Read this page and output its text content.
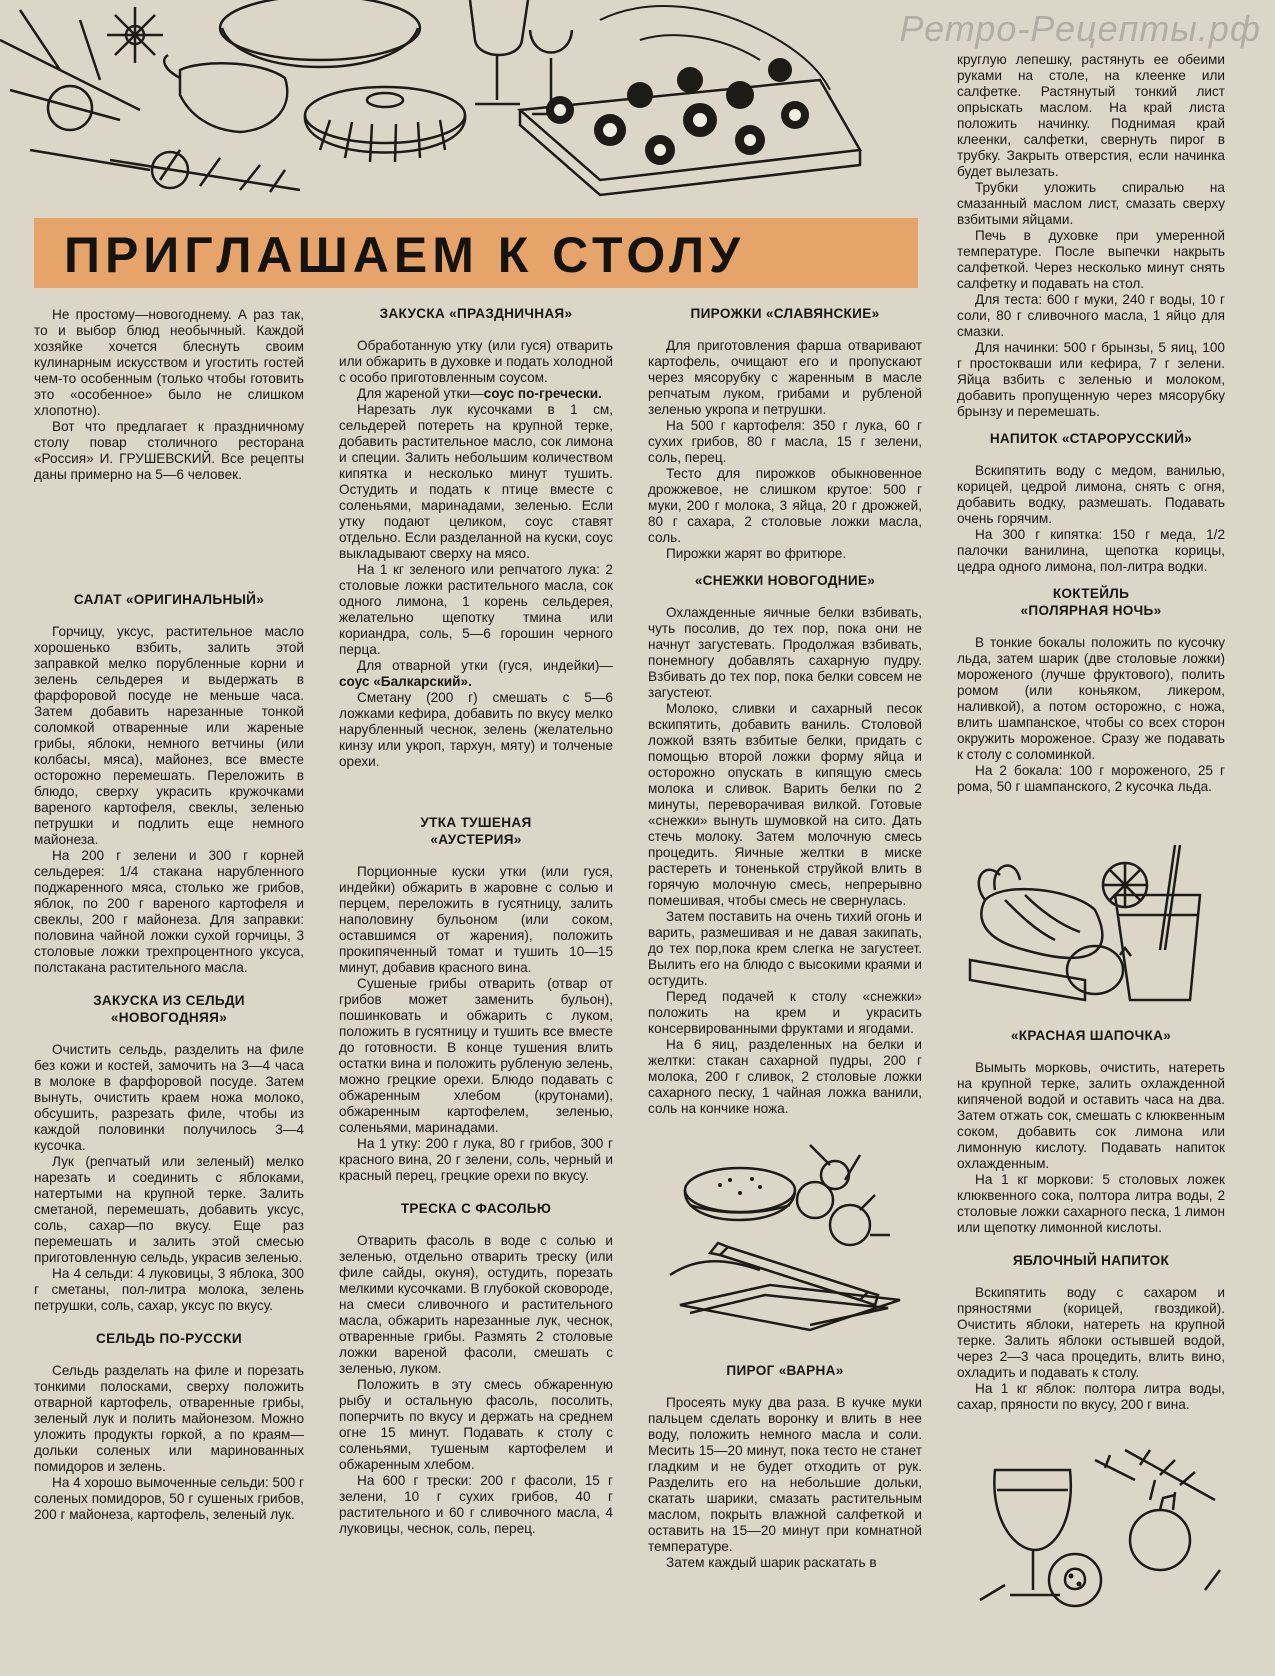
Ретро-Рецепты.рф
ПРИГЛАШАЕМ К СТОЛУ

Не простому—новогоднему. А раз так, то и выбор блюд необычный. Каждой хозяйке хочется блеснуть своим кулинарным искусством и угостить гостей чем-то особенным (только чтобы готовить это «особенное» было не слишком хлопотно).

Вот что предлагает к праздничному столу повар столичного ресторана «Россия» И. ГРУШЕВСКИЙ. Все рецепты даны примерно на 5—6 человек.

САЛАТ «ОРИГИНАЛЬНЫЙ»

Горчицу, уксус, растительное масло хорошенько взбить, залить этой заправкой мелко порубленные корни и зелень сельдерея и выдержать в фарфоровой посуде не меньше часа. Затем добавить нарезанные тонкой соломкой отваренные или жареные грибы, яблоки, немного ветчины (или колбасы, мяса), майонез, все вместе осторожно перемешать. Переложить в блюдо, сверху украсить кружочками вареного картофеля, свеклы, зеленью петрушки и подлить еще немного майонеза.

На 200 г зелени и 300 г корней сельдерея: 1/4 стакана нарубленного поджаренного мяса, столько же грибов, яблок, по 200 г вареного картофеля и свеклы, 200 г майонеза. Для заправки: половина чайной ложки сухой горчицы, 3 столовые ложки трехпроцентного уксуса, полстакана растительного масла.

ЗАКУСКА ИЗ СЕЛЬДИ «НОВОГОДНЯЯ»

Очистить сельдь, разделить на филе без кожи и костей, замочить на 3—4 часа в молоке в фарфоровой посуде. Затем вынуть, очистить краем ножа молоко, обсушить, разрезать филе, чтобы из каждой половинки получилось 3—4 кусочка.

Лук (репчатый или зеленый) мелко нарезать и соединить с яблоками, натертыми на крупной терке. Залить сметаной, перемешать, добавить уксус, соль, сахар—по вкусу. Еще раз перемешать и залить этой смесью приготовленную сельдь, украсив зеленью.

На 4 сельди: 4 луковицы, 3 яблока, 300 г сметаны, пол-литра молока, зелень петрушки, соль, сахар, уксус по вкусу.

СЕЛЬДЬ ПО-РУССКИ

Сельдь разделать на филе и порезать тонкими полосками, сверху положить отварной картофель, отваренные грибы, зеленый лук и полить майонезом. Можно уложить продукты горкой, а по краям—дольки соленых или маринованных помидоров и зелень.

На 4 хорошо вымоченные сельди: 500 г соленых помидоров, 50 г сушеных грибов, 200 г майонеза, картофель, зеленый лук.

ЗАКУСКА «ПРАЗДНИЧНАЯ»

Обработанную утку (или гуся) отварить или обжарить в духовке и подать холодной с особо приготовленным соусом.

Для жареной утки—соус по-гречески.

Нарезать лук кусочками в 1 см, сельдерей потереть на крупной терке, добавить растительное масло, сок лимона и специи. Залить небольшим количеством кипятка и несколько минут тушить. Остудить и подать к птице вместе с соленьями, маринадами, зеленью. Если утку подают целиком, соус ставят отдельно. Если разделанной на куски, соус выкладывают сверху на мясо.

На 1 кг зеленого или репчатого лука: 2 столовые ложки растительного масла, сок одного лимона, 1 корень сельдерея, желательно щепотку тмина или кориандра, соль, 5—6 горошин черного перца.

Для отварной утки (гуся, индейки)—соус «Балкарский».

Сметану (200 г) смешать с 5—6 ложками кефира, добавить по вкусу мелко нарубленный чеснок, зелень (желательно кинзу или укроп, тархун, мяту) и толченые орехи.

УТКА ТУШЕНАЯ
«АУСТЕРИЯ»

Порционные куски утки (или гуся, индейки) обжарить в жаровне с солью и перцем, переложить в гусятницу, залить наполовину бульоном (или соком, оставшимся от жарения), положить прокипяченный томат и тушить 10—15 минут, добавив красного вина.

Сушеные грибы отварить (отвар от грибов может заменить бульон), пошинковать и обжарить с луком, положить в гусятницу и тушить все вместе до готовности. В конце тушения влить остатки вина и положить рубленую зелень, можно грецкие орехи. Блюдо подавать с обжаренным хлебом (крутонами), обжаренным картофелем, зеленью, соленьями, маринадами.

На 1 утку: 200 г лука, 80 г грибов, 300 г красного вина, 20 г зелени, соль, черный и красный перец, грецкие орехи по вкусу.

ТРЕСКА С ФАСОЛЬЮ

Отварить фасоль в воде с солью и зеленью, отдельно отварить треску (или филе сайды, окуня), остудить, порезать мелкими кусочками. В глубокой сковороде, на смеси сливочного и растительного масла, обжарить нарезанные лук, чеснок, отваренные грибы. Размять 2 столовые ложки вареной фасоли, смешать с зеленью, луком.

Положить в эту смесь обжаренную рыбу и остальную фасоль, посолить, поперчить по вкусу и держать на среднем огне 15 минут. Подавать к столу с соленьями, тушеным картофелем и обжаренным хлебом.

На 600 г трески: 200 г фасоли, 15 г зелени, 10 г сухих грибов, 40 г растительного и 60 г сливочного масла, 4 луковицы, чеснок, соль, перец.

ПИРОЖКИ «СЛАВЯНСКИЕ»

Для приготовления фарша отваривают картофель, очищают его и пропускают через мясорубку с жаренным в масле репчатым луком, грибами и рубленой зеленью укропа и петрушки.

На 500 г картофеля: 350 г лука, 60 г сухих грибов, 80 г масла, 15 г зелени, соль, перец.

Тесто для пирожков обыкновенное дрожжевое, не слишком крутое: 500 г муки, 200 г молока, 3 яйца, 20 г дрожжей, 80 г сахара, 2 столовые ложки масла, соль.

Пирожки жарят во фритюре.

«СНЕЖКИ НОВОГОДНИЕ»

Охлажденные яичные белки взбивать, чуть посолив, до тех пор, пока они не начнут загустевать. Продолжая взбивать, понемногу добавлять сахарную пудру. Взбивать до тех пор, пока белки совсем не загустеют.

Молоко, сливки и сахарный песок вскипятить, добавить ваниль. Столовой ложкой взять взбитые белки, придать с помощью второй ложки форму яйца и осторожно опускать в кипящую смесь молока и сливок. Варить белки по 2 минуты, переворачивая вилкой. Готовые «снежки» вынуть шумовкой на сито. Дать стечь молоку. Затем молочную смесь процедить. Яичные желтки в миске растереть и тоненькой струйкой влить в горячую молочную смесь, непрерывно помешивая, чтобы смесь не свернулась.

Затем поставить на очень тихий огонь и варить, размешивая и не давая закипать, до тех пор,пока крем слегка не загустеет. Вылить его на блюдо с высокими краями и остудить.

Перед подачей к столу «снежки» положить на крем и украсить консервированными фруктами и ягодами.

На 6 яиц, разделенных на белки и желтки: стакан сахарной пудры, 200 г молока, 200 г сливок, 2 столовые ложки сахарного песку, 1 чайная ложка ванили, соль на кончике ножа.

ПИРОГ «ВАРНА»

Просеять муку два раза. В кучке муки пальцем сделать воронку и влить в нее воду, положить немного масла и соли. Месить 15—20 минут, пока тесто не станет гладким и не будет отходить от рук. Разделить его на небольшие дольки, скатать шарики, смазать растительным маслом, покрыть влажной салфеткой и оставить на 15—20 минут при комнатной температуре.

Затем каждый шарик раскатать в

круглую лепешку, растянуть ее обеими руками на столе, на клеенке или салфетке. Растянутый тонкий лист опрыскать маслом. На край листа положить начинку. Поднимая край клеенки, салфетки, свернуть пирог в трубку. Закрыть отверстия, если начинка будет вылезать.

Трубки уложить спиралью на смазанный маслом лист, смазать сверху взбитыми яйцами.

Печь в духовке при умеренной температуре. После выпечки накрыть салфеткой. Через несколько минут снять салфетку и подавать на стол.

Для теста: 600 г муки, 240 г воды, 10 г соли, 80 г сливочного масла, 1 яйцо для смазки.

Для начинки: 500 г брынзы, 5 яиц, 100 г простокваши или кефира, 7 г зелени. Яйца взбить с зеленью и молоком, добавить пропущенную через мясорубку брынзу и перемешать.

НАПИТОК «СТАРОРУССКИЙ»

Вскипятить воду с медом, ванилью, корицей, цедрой лимона, снять с огня, добавить водку, размешать. Подавать очень горячим.

На 300 г кипятка: 150 г меда, 1/2 палочки ванилина, щепотка корицы, цедра одного лимона, пол-литра водки.

КОКТЕЙЛЬ
«ПОЛЯРНАЯ НОЧЬ»

В тонкие бокалы положить по кусочку льда, затем шарик (две столовые ложки) мороженого (лучше фруктового), полить ромом (или коньяком, ликером, наливкой), а потом осторожно, с ножа, влить шампанское, чтобы со всех сторон окружить мороженое. Сразу же подавать к столу с соломинкой.

На 2 бокала: 100 г мороженого, 25 г рома, 50 г шампанского, 2 кусочка льда.

«КРАСНАЯ ШАПОЧКА»

Вымыть морковь, очистить, натереть на крупной терке, залить охлажденной кипяченой водой и оставить часа на два. Затем отжать сок, смешать с клюквенным соком, добавить сок лимона или лимонную кислоту. Подавать напиток охлажденным.

На 1 кг моркови: 5 столовых ложек клюквенного сока, полтора литра воды, 2 столовые ложки сахарного песка, 1 лимон или щепотку лимонной кислоты.

ЯБЛОЧНЫЙ НАПИТОК

Вскипятить воду с сахаром и пряностями (корицей, гвоздикой). Очистить яблоки, натереть на крупной терке. Залить яблоки остывшей водой, через 2—3 часа процедить, влить вино, охладить и подавать к столу.

На 1 кг яблок: полтора литра воды, сахар, пряности по вкусу, 200 г вина.
